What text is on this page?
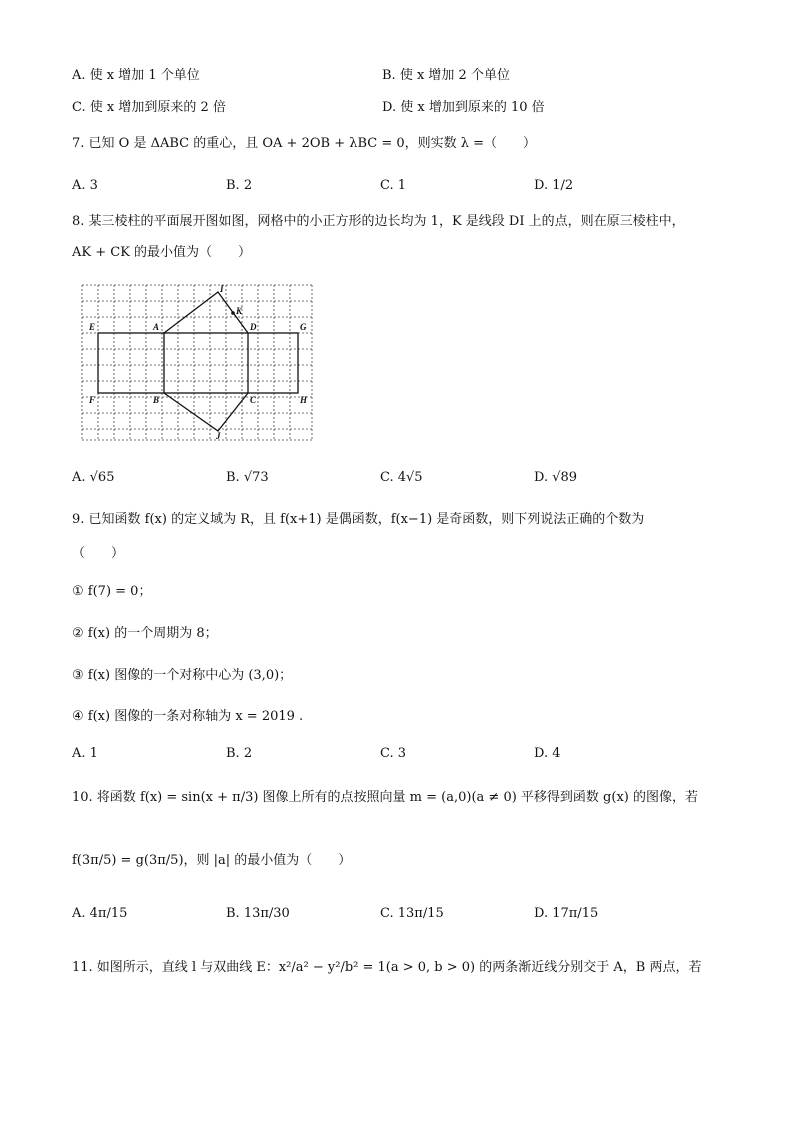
A. 使 x 增加 1 个单位	B. 使 x 增加 2 个单位
C. 使 x 增加到原来的 2 倍	D. 使 x 增加到原来的 10 倍
7. 已知 O 是 ΔABC 的重心，且 OA + 2OB + λBC = 0，则实数 λ =（　　）
A. 3	B. 2	C. 1	D. 1/2
8. 某三棱柱的平面展开图如图，网格中的小正方形的边长均为 1，K 是线段 DI 上的点，则在原三棱柱中，
AK + CK 的最小值为（　　）
E	A
I
K
D	G
F	B	C	H
J
A. √65	B. √73	C. 4√5	D. √89
9. 已知函数 f(x) 的定义域为 R，且 f(x+1) 是偶函数，f(x−1) 是奇函数，则下列说法正确的个数为
（　　）
① f(7) = 0；
② f(x) 的一个周期为 8；
③ f(x) 图像的一个对称中心为 (3,0)；
④ f(x) 图像的一条对称轴为 x = 2019 .
A. 1	B. 2	C. 3	D. 4
10. 将函数 f(x) = sin(x + π/3) 图像上所有的点按照向量 m = (a,0)(a ≠ 0) 平移得到函数 g(x) 的图像，若
f(3π/5) = g(3π/5)，则 |a| 的最小值为（　　）
A. 4π/15	B. 13π/30	C. 13π/15	D. 17π/15
11. 如图所示，直线 l 与双曲线 E：x²/a² − y²/b² = 1(a > 0, b > 0) 的两条渐近线分别交于 A，B 两点，若
